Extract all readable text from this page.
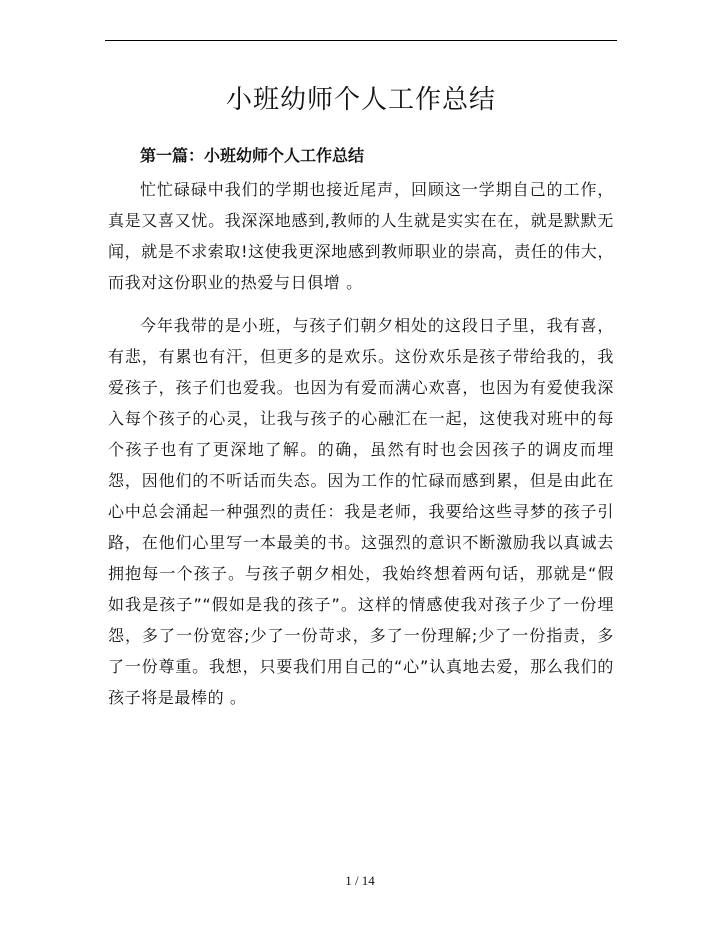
小班幼师个人工作总结
第一篇：小班幼师个人工作总结

忙忙碌碌中我们的学期也接近尾声，回顾这一学期自己的工作，真是又喜又忧。我深深地感到,教师的人生就是实实在在，就是默默无闻，就是不求索取!这使我更深地感到教师职业的崇高，责任的伟大，而我对这份职业的热爱与日俱增 。

今年我带的是小班，与孩子们朝夕相处的这段日子里，我有喜，有悲，有累也有汗，但更多的是欢乐。这份欢乐是孩子带给我的，我爱孩子，孩子们也爱我。也因为有爱而满心欢喜，也因为有爱使我深入每个孩子的心灵，让我与孩子的心融汇在一起，这使我对班中的每个孩子也有了更深地了解。的确，虽然有时也会因孩子的调皮而埋怨，因他们的不听话而失态。因为工作的忙碌而感到累，但是由此在心中总会涌起一种强烈的责任：我是老师，我要给这些寻梦的孩子引路，在他们心里写一本最美的书。这强烈的意识不断激励我以真诚去拥抱每一个孩子。与孩子朝夕相处，我始终想着两句话，那就是“假如我是孩子”“假如是我的孩子”。这样的情感使我对孩子少了一份埋怨，多了一份宽容;少了一份苛求，多了一份理解;少了一份指责，多了一份尊重。我想，只要我们用自己的“心”认真地去爱，那么我们的孩子将是最棒的 。

1 / 14
